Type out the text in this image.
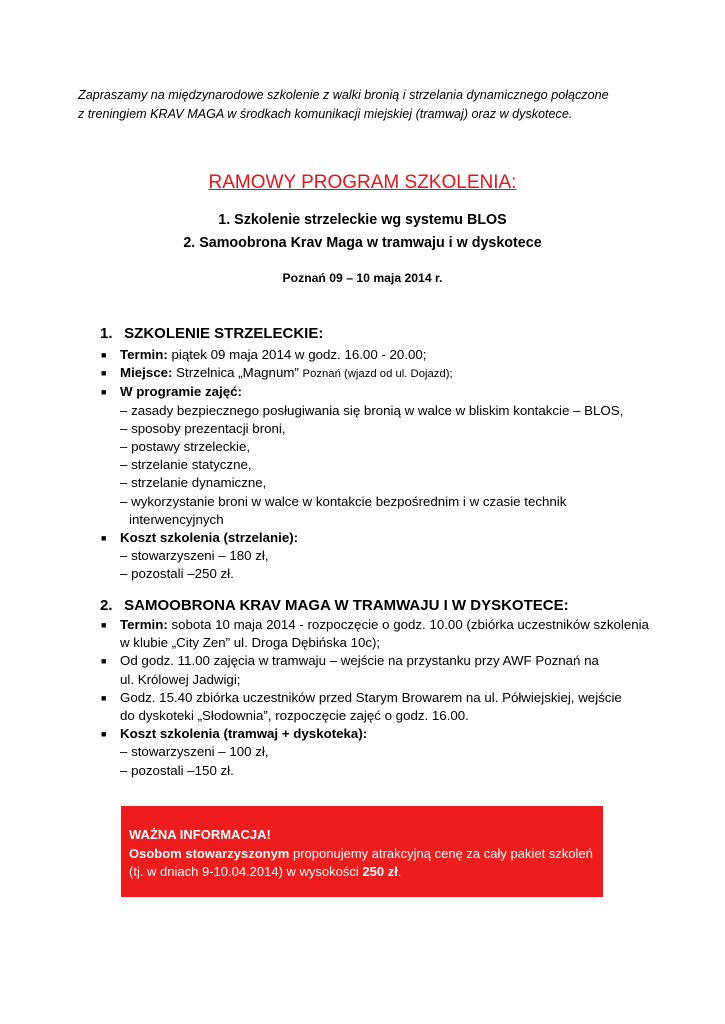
Zapraszamy na międzynarodowe szkolenie z walki bronią i strzelania dynamicznego połączone
z treningiem KRAV MAGA w środkach komunikacji miejskiej (tramwaj) oraz w dyskotece.
RAMOWY PROGRAM SZKOLENIA:
1. Szkolenie strzeleckie wg systemu BLOS
2. Samoobrona Krav Maga w tramwaju i w dyskotece
Poznań 09 – 10 maja 2014 r.
1. SZKOLENIE STRZELECKIE:
■ Termin: piątek 09 maja 2014 w godz. 16.00 - 20.00;
■ Miejsce: Strzelnica „Magnum” Poznań (wjazd od ul. Dojazd);
■ W programie zajęć:
– zasady bezpiecznego posługiwania się bronią w walce w bliskim kontakcie – BLOS,
– sposoby prezentacji broni,
– postawy strzeleckie,
– strzelanie statyczne,
– strzelanie dynamiczne,
– wykorzystanie broni w walce w kontakcie bezpośrednim i w czasie technik
interwencyjnych
■ Koszt szkolenia (strzelanie):
– stowarzyszeni – 180 zł,
– pozostali –250 zł.
2. SAMOOBRONA KRAV MAGA W TRAMWAJU I W DYSKOTECE:
■ Termin: sobota 10 maja 2014 - rozpoczęcie o godz. 10.00 (zbiórka uczestników szkolenia
w klubie „City Zen” ul. Droga Dębińska 10c);
■ Od godz. 11.00 zajęcia w tramwaju – wejście na przystanku przy AWF Poznań na
ul. Królowej Jadwigi;
■ Godz. 15.40 zbiórka uczestników przed Starym Browarem na ul. Półwiejskiej, wejście
do dyskoteki „Słodownia”, rozpoczęcie zajęć o godz. 16.00.
■ Koszt szkolenia (tramwaj + dyskoteka):
– stowarzyszeni – 100 zł,
– pozostali –150 zł.
WAŻNA INFORMACJA!
Osobom stowarzyszonym proponujemy atrakcyjną cenę za cały pakiet szkoleń
(tj. w dniach 9-10.04.2014) w wysokości 250 zł.
